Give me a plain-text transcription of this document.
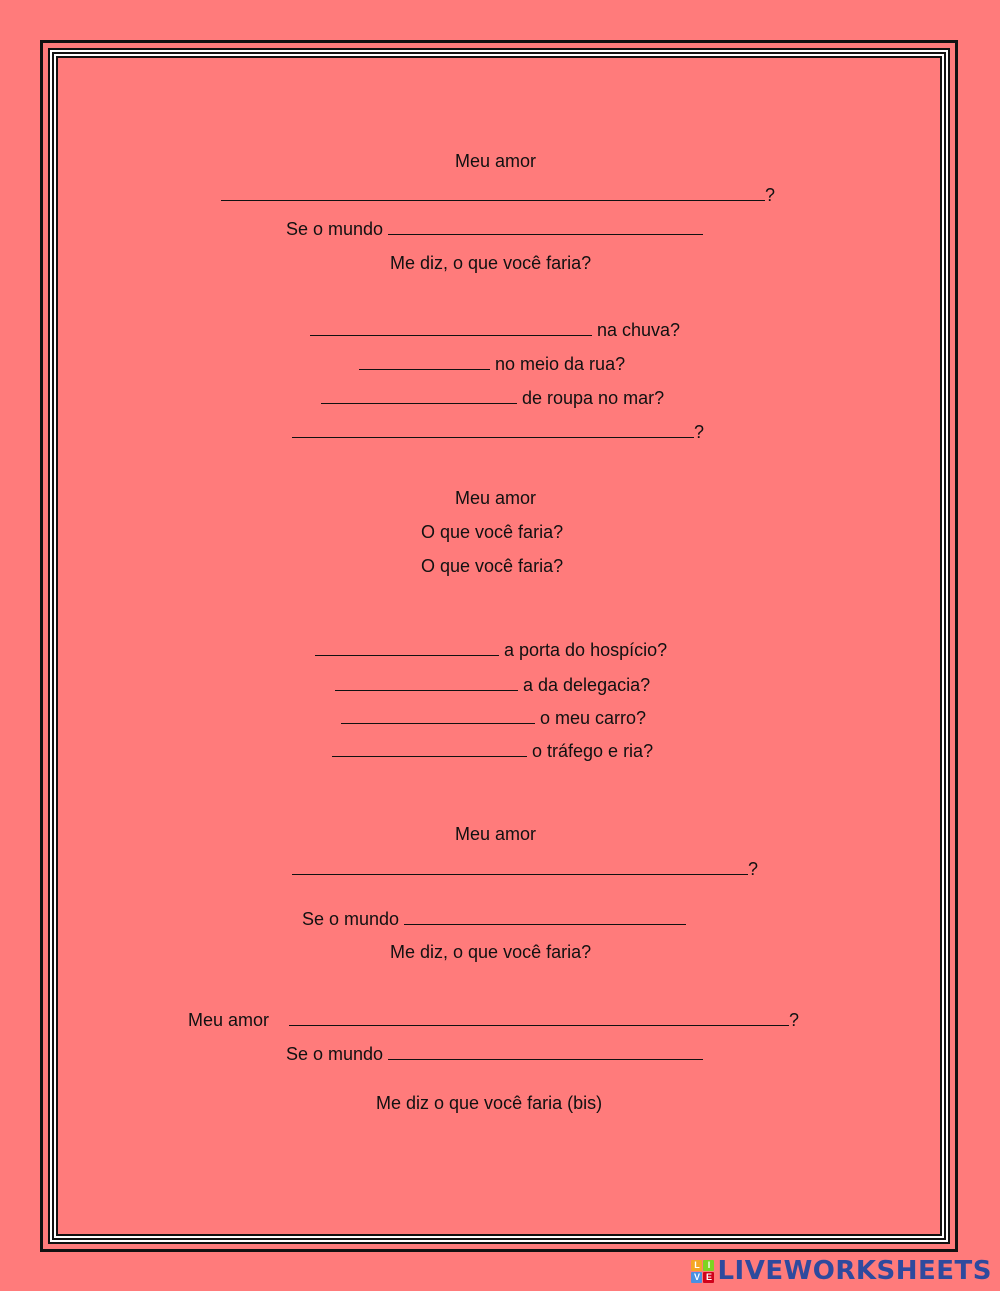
Meu amor
?
Se o mundo
Me diz, o que você faria?
na chuva?
no meio da rua?
de roupa no mar?
?
Meu amor
O que você faria?
O que você faria?
a porta do hospício?
a da delegacia?
o meu carro?
o tráfego e ria?
Meu amor
?
Se o mundo
Me diz, o que você faria?
Meu amor	?
Se o mundo
Me diz o que você faria (bis)
L I
V E LIVEWORKSHEETS
